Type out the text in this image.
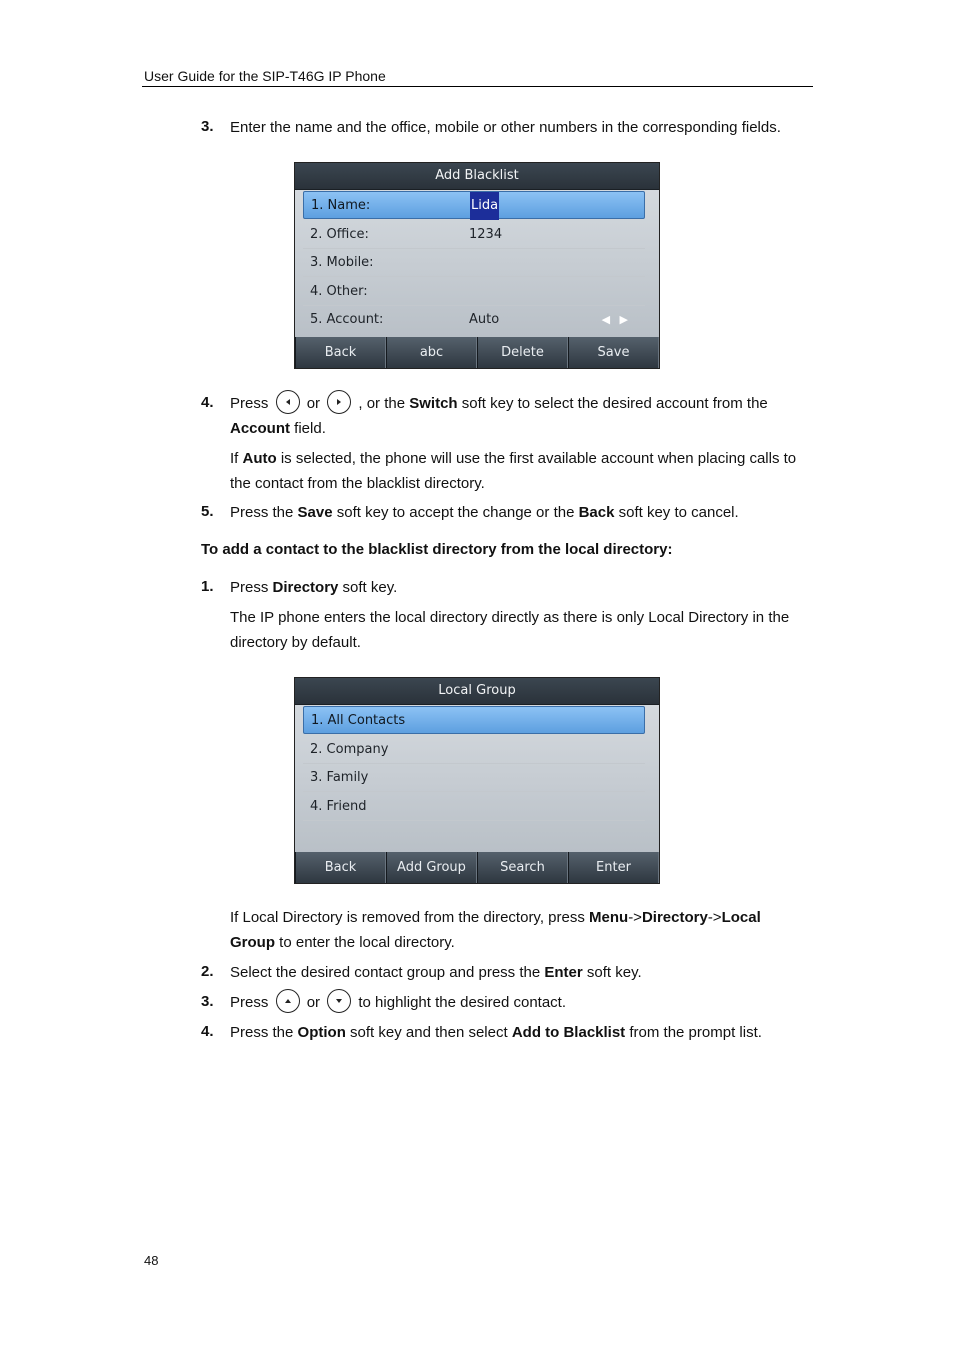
User Guide for the SIP-T46G IP Phone
3. Enter the name and the office, mobile or other numbers in the corresponding fields.
Add Blacklist
1. Name:	Lida
2. Office:	1234
3. Mobile:
4. Other:
5. Account:	Auto	◀ ▶
Back	abc	Delete	Save
4. Press	or	, or the Switch soft key to select the desired account from the
Account field.
If Auto is selected, the phone will use the first available account when placing calls to the contact from the blacklist directory.
5. Press the Save soft key to accept the change or the Back soft key to cancel.
To add a contact to the blacklist directory from the local directory:
1. Press Directory soft key.
The IP phone enters the local directory directly as there is only Local Directory in the directory by default.
Local Group
1. All Contacts
2. Company
3. Family
4. Friend
Back	Add Group	Search	Enter
If Local Directory is removed from the directory, press Menu->Directory->Local Group to enter the local directory.
2. Select the desired contact group and press the Enter soft key.
3. Press	or	to highlight the desired contact.
4. Press the Option soft key and then select Add to Blacklist from the prompt list.
48
